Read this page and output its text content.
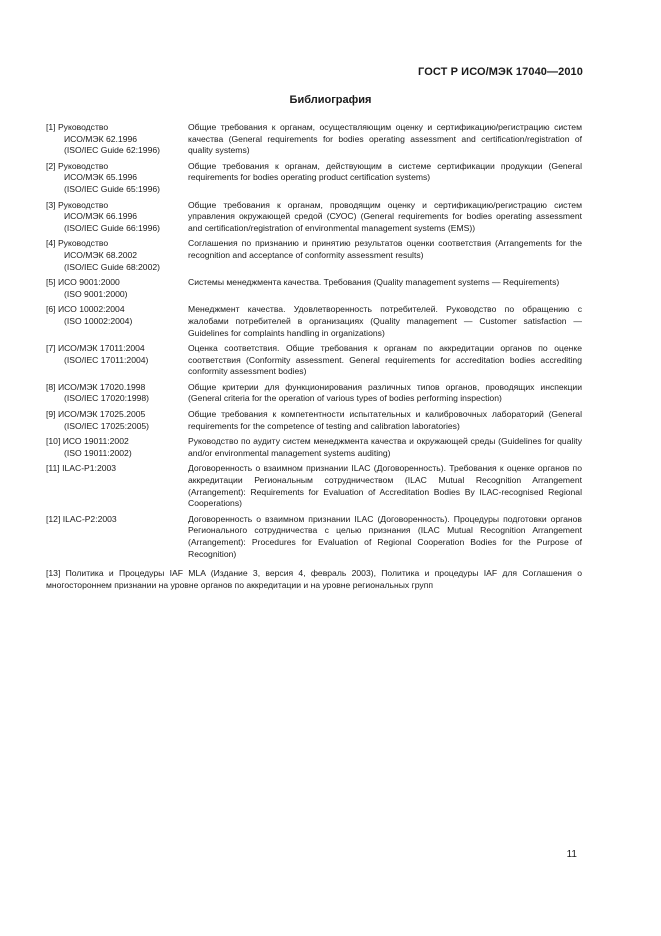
ГОСТ Р ИСО/МЭК 17040—2010
Библиография
[1] Руководство
ИСО/МЭК 62.1996
(ISO/IEC Guide 62:1996)
Общие требования к органам, осуществляющим оценку и сертификацию/регистрацию систем качества (General requirements for bodies operating assessment and certification/registration of quality systems)
[2] Руководство
ИСО/МЭК 65.1996
(ISO/IEC Guide 65:1996)
Общие требования к органам, действующим в системе сертификации продукции (General requirements for bodies operating product certification systems)
[3] Руководство
ИСО/МЭК 66.1996
(ISO/IEC Guide 66:1996)
Общие требования к органам, проводящим оценку и сертификацию/регистрацию систем управления окружающей средой (СУОС) (General requirements for bodies operating assessment and certification/registration of environmental management systems (EMS))
[4] Руководство
ИСО/МЭК 68.2002
(ISO/IEC Guide 68:2002)
Соглашения по признанию и принятию результатов оценки соответствия (Arrangements for the recognition and acceptance of conformity assessment results)
[5] ИСО 9001:2000
(ISO 9001:2000)
Системы менеджмента качества. Требования (Quality management systems — Requirements)
[6] ИСО 10002:2004
(ISO 10002:2004)
Менеджмент качества. Удовлетворенность потребителей. Руководство по обращению с жалобами потребителей в организациях (Quality management — Customer satisfaction — Guidelines for complaints handling in organizations)
[7] ИСО/МЭК 17011:2004
(ISO/IEC 17011:2004)
Оценка соответствия. Общие требования к органам по аккредитации органов по оценке соответствия (Conformity assessment. General requirements for accreditation bodies accrediting conformity assessment bodies)
[8] ИСО/МЭК 17020.1998
(ISO/IEC 17020:1998)
Общие критерии для функционирования различных типов органов, проводящих инспекции (General criteria for the operation of various types of bodies performing inspection)
[9] ИСО/МЭК 17025.2005
(ISO/IEC 17025:2005)
Общие требования к компетентности испытательных и калибровочных лабораторий (General requirements for the competence of testing and calibration laboratories)
[10] ИСО 19011:2002
(ISO 19011:2002)
Руководство по аудиту систем менеджмента качества и окружающей среды (Guidelines for quality and/or environmental management systems auditing)
[11] ILAC-P1:2003	Договоренность о взаимном признании ILAC (Договоренность). Требования к оценке органов по аккредитации Региональным сотрудничеством (ILAC Mutual Recognition Arrangement (Arrangement): Requirements for Evaluation of Accreditation Bodies By ILAC-recognised Regional Cooperations)
[12] ILAC-P2:2003	Договоренность о взаимном признании ILAC (Договоренность). Процедуры подготовки органов Регионального сотрудничества с целью признания (ILAC Mutual Recognition Arrangement (Arrangement): Procedures for Evaluation of Regional Cooperation Bodies for the Purpose of Recognition)
[13] Политика и Процедуры IAF MLA (Издание 3, версия 4, февраль 2003), Политика и процедуры IAF для Соглашения о многостороннем признании на уровне органов по аккредитации и на уровне региональных групп
11
